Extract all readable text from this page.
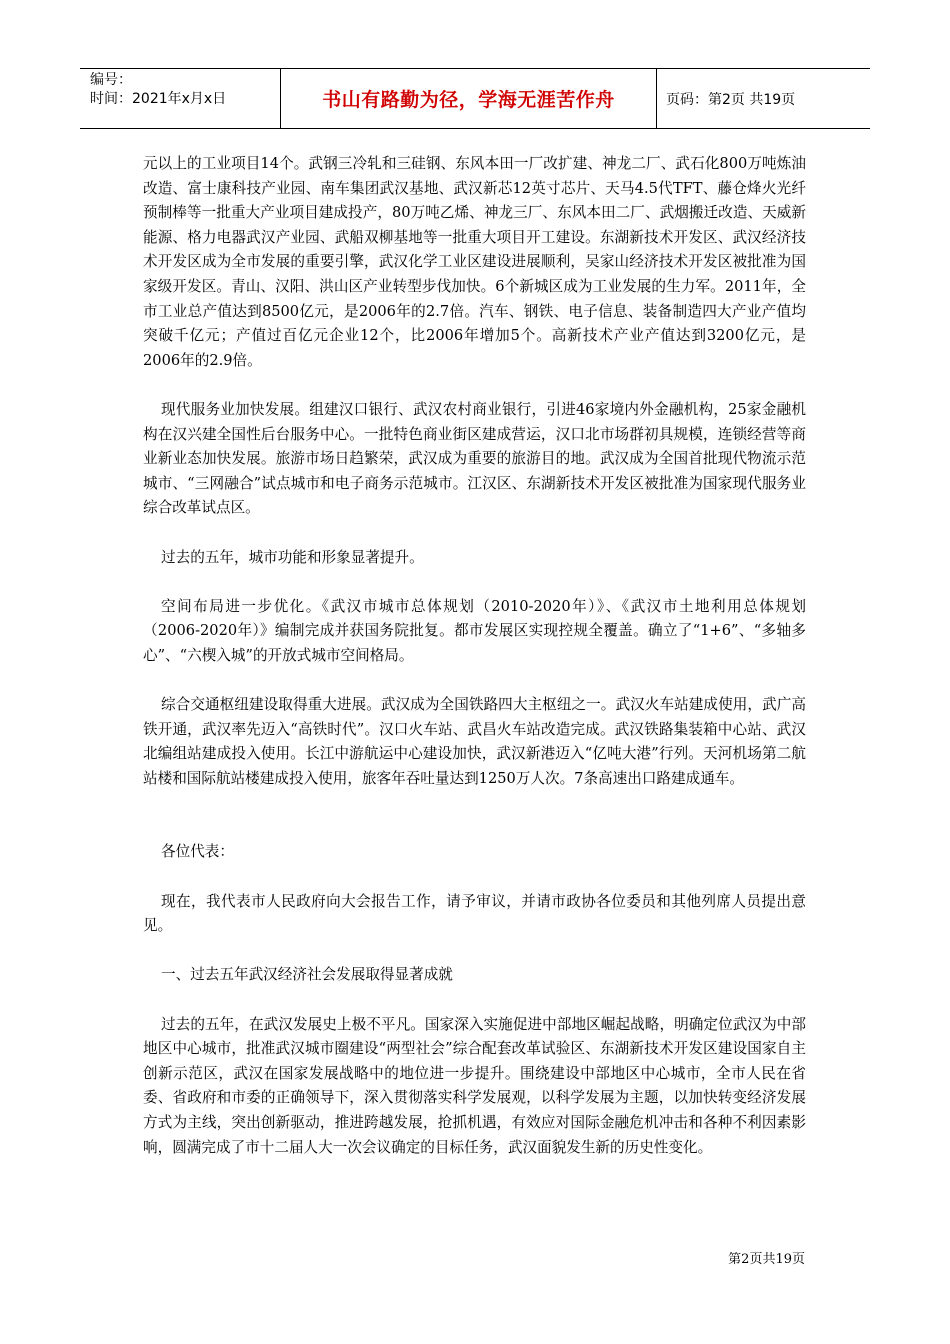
编号：
时间：2021年x月x日	书山有路勤为径，学海无涯苦作舟	页码：第2页 共19页

元以上的工业项目14个。武钢三冷轧和三硅钢、东风本田一厂改扩建、神龙二厂、武石化800万吨炼油改造、富士康科技产业园、南车集团武汉基地、武汉新芯12英寸芯片、天马4.5代TFT、藤仓烽火光纤预制棒等一批重大产业项目建成投产，80万吨乙烯、神龙三厂、东风本田二厂、武烟搬迁改造、天威新能源、格力电器武汉产业园、武船双柳基地等一批重大项目开工建设。东湖新技术开发区、武汉经济技术开发区成为全市发展的重要引擎，武汉化学工业区建设进展顺利，吴家山经济技术开发区被批准为国家级开发区。青山、汉阳、洪山区产业转型步伐加快。6个新城区成为工业发展的生力军。2011年，全市工业总产值达到8500亿元，是2006年的2.7倍。汽车、钢铁、电子信息、装备制造四大产业产值均突破千亿元；产值过百亿元企业12个，比2006年增加5个。高新技术产业产值达到3200亿元，是2006年的2.9倍。

现代服务业加快发展。组建汉口银行、武汉农村商业银行，引进46家境内外金融机构，25家金融机构在汉兴建全国性后台服务中心。一批特色商业街区建成营运，汉口北市场群初具规模，连锁经营等商业新业态加快发展。旅游市场日趋繁荣，武汉成为重要的旅游目的地。武汉成为全国首批现代物流示范城市、“三网融合”试点城市和电子商务示范城市。江汉区、东湖新技术开发区被批准为国家现代服务业综合改革试点区。

过去的五年，城市功能和形象显著提升。

空间布局进一步优化。《武汉市城市总体规划（2010-2020年）》、《武汉市土地利用总体规划（2006-2020年）》编制完成并获国务院批复。都市发展区实现控规全覆盖。确立了“1+6”、“多轴多心”、“六楔入城”的开放式城市空间格局。

综合交通枢纽建设取得重大进展。武汉成为全国铁路四大主枢纽之一。武汉火车站建成使用，武广高铁开通，武汉率先迈入“高铁时代”。汉口火车站、武昌火车站改造完成。武汉铁路集装箱中心站、武汉北编组站建成投入使用。长江中游航运中心建设加快，武汉新港迈入“亿吨大港”行列。天河机场第二航站楼和国际航站楼建成投入使用，旅客年吞吐量达到1250万人次。7条高速出口路建成通车。

各位代表：

现在，我代表市人民政府向大会报告工作，请予审议，并请市政协各位委员和其他列席人员提出意见。

一、过去五年武汉经济社会发展取得显著成就

过去的五年，在武汉发展史上极不平凡。国家深入实施促进中部地区崛起战略，明确定位武汉为中部地区中心城市，批准武汉城市圈建设“两型社会”综合配套改革试验区、东湖新技术开发区建设国家自主创新示范区，武汉在国家发展战略中的地位进一步提升。围绕建设中部地区中心城市，全市人民在省委、省政府和市委的正确领导下，深入贯彻落实科学发展观，以科学发展为主题，以加快转变经济发展方式为主线，突出创新驱动，推进跨越发展，抢抓机遇，有效应对国际金融危机冲击和各种不利因素影响，圆满完成了市十二届人大一次会议确定的目标任务，武汉面貌发生新的历史性变化。

第2页共19页
